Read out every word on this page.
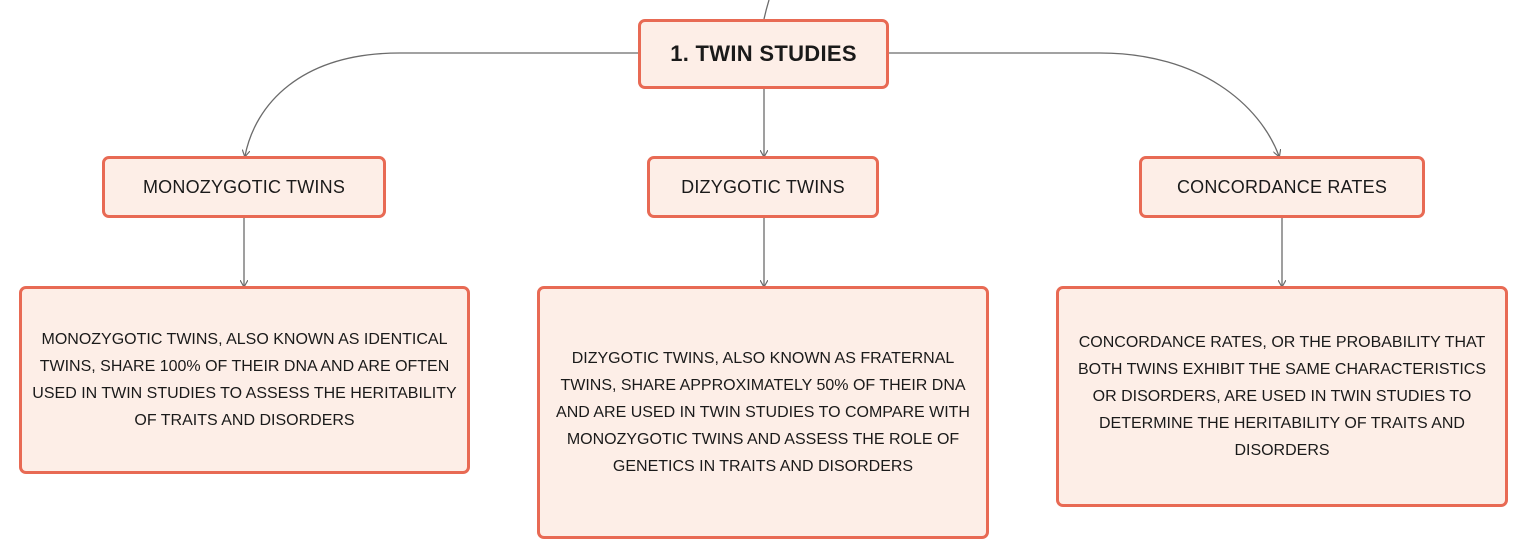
1. TWIN STUDIES
MONOZYGOTIC TWINS	DIZYGOTIC TWINS	CONCORDANCE RATES
MONOZYGOTIC TWINS, ALSO KNOWN AS IDENTICAL TWINS, SHARE 100% OF THEIR DNA AND ARE OFTEN USED IN TWIN STUDIES TO ASSESS THE HERITABILITY OF TRAITS AND DISORDERS
DIZYGOTIC TWINS, ALSO KNOWN AS FRATERNAL TWINS, SHARE APPROXIMATELY 50% OF THEIR DNA AND ARE USED IN TWIN STUDIES TO COMPARE WITH MONOZYGOTIC TWINS AND ASSESS THE ROLE OF GENETICS IN TRAITS AND DISORDERS
CONCORDANCE RATES, OR THE PROBABILITY THAT BOTH TWINS EXHIBIT THE SAME CHARACTERISTICS OR DISORDERS, ARE USED IN TWIN STUDIES TO DETERMINE THE HERITABILITY OF TRAITS AND DISORDERS
